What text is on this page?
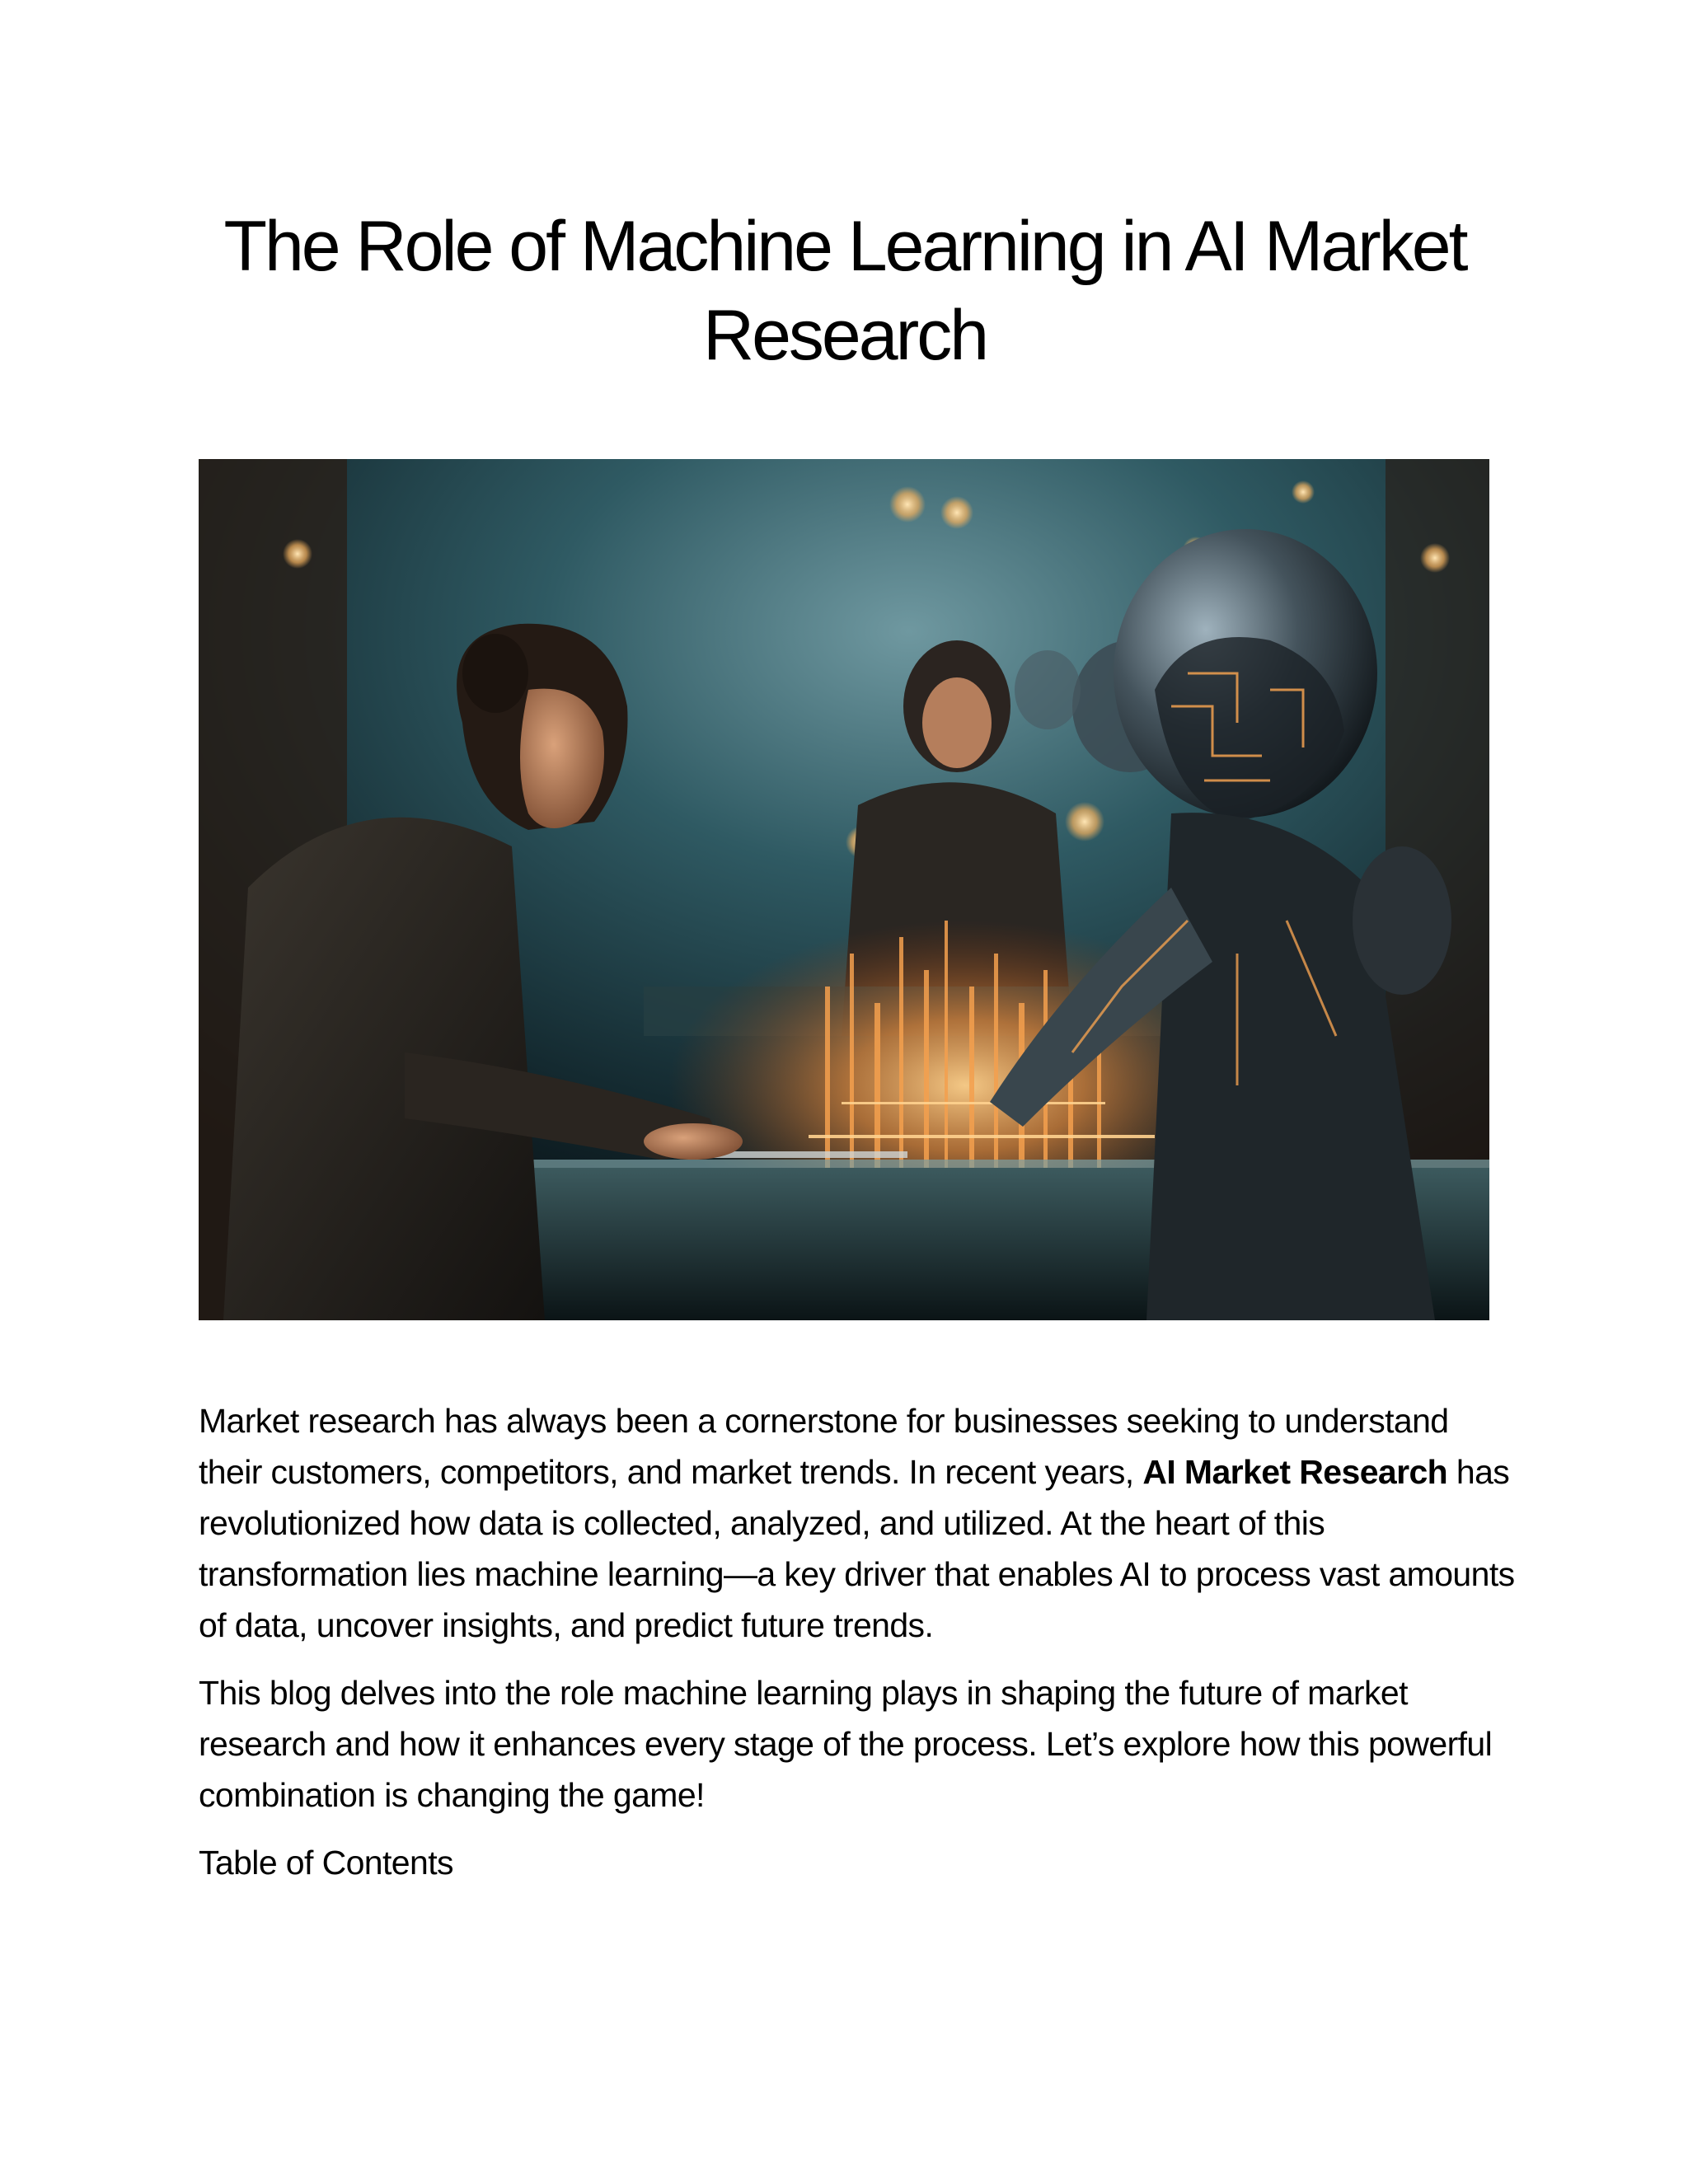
The Role of Machine Learning in AI Market Research

Market research has always been a cornerstone for businesses seeking to understand their customers, competitors, and market trends. In recent years, AI Market Research has revolutionized how data is collected, analyzed, and utilized. At the heart of this transformation lies machine learning—a key driver that enables AI to process vast amounts of data, uncover insights, and predict future trends.

This blog delves into the role machine learning plays in shaping the future of market research and how it enhances every stage of the process. Let’s explore how this powerful combination is changing the game!

Table of Contents
